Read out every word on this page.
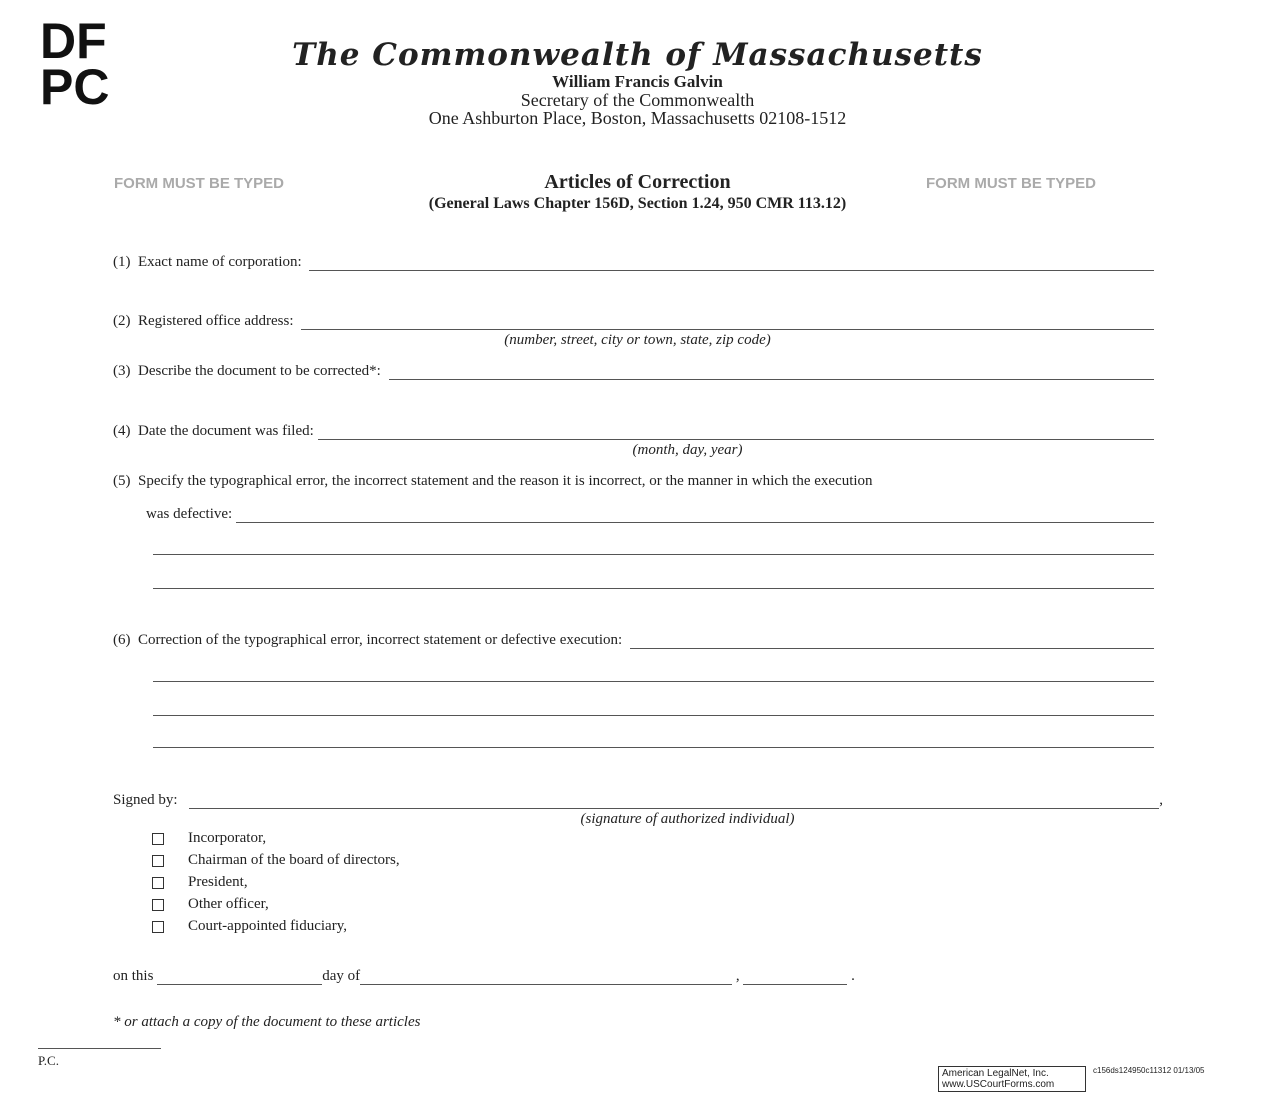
DF
PC
The Commonwealth of Massachusetts
William Francis Galvin
Secretary of the Commonwealth
One Ashburton Place, Boston, Massachusetts 02108-1512
FORM MUST BE TYPED	FORM MUST BE TYPED
Articles of Correction
(General Laws Chapter 156D, Section 1.24, 950 CMR 113.12)
(1)  Exact name of corporation:
(2)  Registered office address:
(number, street, city or town, state, zip code)
(3)  Describe the document to be corrected*:
(4)  Date the document was filed:
(month, day, year)
(5)  Specify the typographical error, the incorrect statement and the reason it is incorrect, or the manner in which the execution
was defective:
(6)  Correction of the typographical error, incorrect statement or defective execution:
Signed by:	,
(signature of authorized individual)
Incorporator,
Chairman of the board of directors,
President,
Other officer,
Court-appointed fiduciary,
on this	day of	,	.
* or attach a copy of the document to these articles
P.C.
American LegalNet, Inc.
www.USCourtForms.com
c156ds124950c11312 01/13/05
